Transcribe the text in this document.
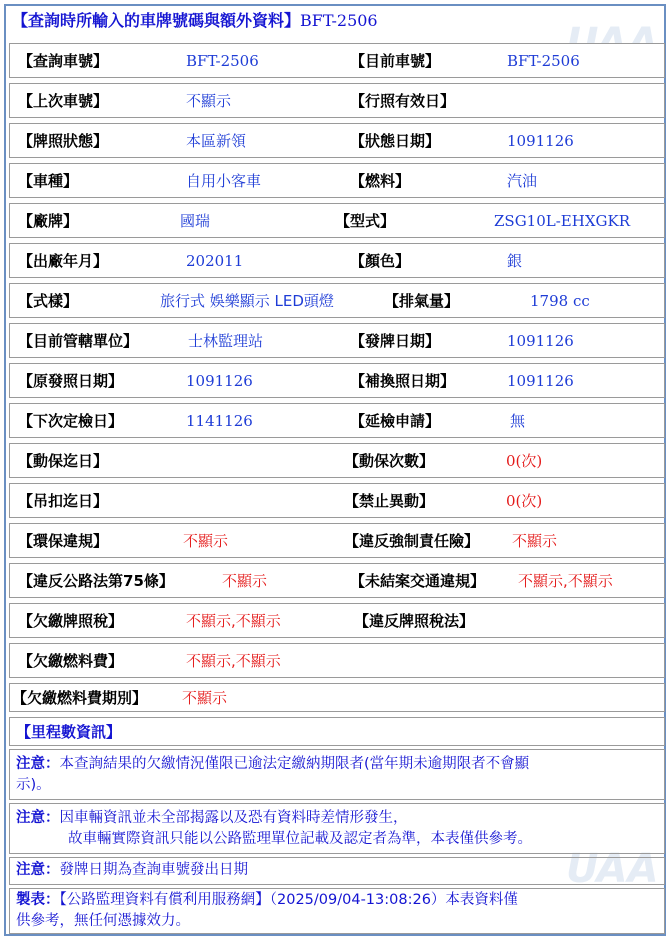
UAA
【查詢時所輸入的車牌號碼與額外資料】BFT-2506
【查詢車號】	BFT-2506	【目前車號】	BFT-2506
【上次車號】	不顯示	【行照有效日】
【牌照狀態】	本區新領	【狀態日期】	1091126
【車種】	自用小客車	【燃料】	汽油
【廠牌】	國瑞	【型式】	ZSG10L-EHXGKR
【出廠年月】	202011	【顏色】	銀
【式樣】	旅行式 娛樂顯示 LED頭燈	【排氣量】	1798 cc
【目前管轄單位】	士林監理站	【發牌日期】	1091126
【原發照日期】	1091126	【補換照日期】	1091126
【下次定檢日】	1141126	【延檢申請】	無
【動保迄日】	【動保次數】	0(次)
【吊扣迄日】	【禁止異動】	0(次)
【環保違規】	不顯示	【違反強制責任險】 不顯示
【違反公路法第75條】	不顯示	【未結案交通違規】 不顯示,不顯示
【欠繳牌照稅】	不顯示,不顯示	【違反牌照稅法】
【欠繳燃料費】	不顯示,不顯示
【欠繳燃料費期別】 不顯示
【里程數資訊】
注意：本查詢結果的欠繳情況僅限已逾法定繳納期限者(當年期未逾期限者不會顯
示)。
注意：因車輛資訊並未全部揭露以及恐有資料時差情形發生，
故車輛實際資訊只能以公路監理單位記載及認定者為準，本表僅供參考。
注意：發牌日期為查詢車號發出日期
製表：【公路監理資料有償利用服務網】（2025/09/04-13:08:26）本表資料僅
供參考，無任何憑據效力。
